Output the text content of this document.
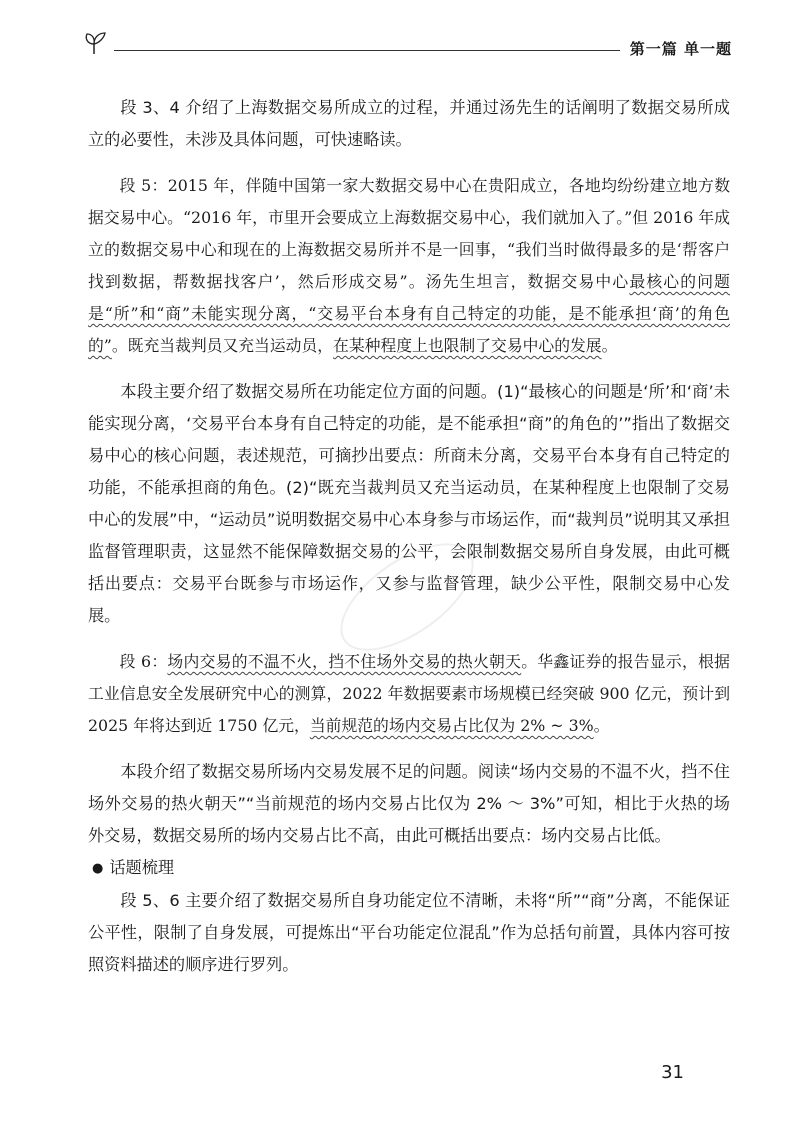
第一篇 单一题

段 3、4 介绍了上海数据交易所成立的过程，并通过汤先生的话阐明了数据交易所成立的必要性，未涉及具体问题，可快速略读。

段 5：2015 年，伴随中国第一家大数据交易中心在贵阳成立，各地均纷纷建立地方数据交易中心。“2016 年，市里开会要成立上海数据交易中心，我们就加入了。”但 2016 年成立的数据交易中心和现在的上海数据交易所并不是一回事，“我们当时做得最多的是‘帮客户找到数据，帮数据找客户’，然后形成交易”。汤先生坦言，数据交易中心最核心的问题是“所”和“商”未能实现分离，“交易平台本身有自己特定的功能，是不能承担‘商’的角色的”。既充当裁判员又充当运动员，在某种程度上也限制了交易中心的发展。

本段主要介绍了数据交易所在功能定位方面的问题。(1)“最核心的问题是‘所’和‘商’未能实现分离，‘交易平台本身有自己特定的功能，是不能承担“商”的角色的’”指出了数据交易中心的核心问题，表述规范，可摘抄出要点：所商未分离，交易平台本身有自己特定的功能，不能承担商的角色。(2)“既充当裁判员又充当运动员，在某种程度上也限制了交易中心的发展”中，“运动员”说明数据交易中心本身参与市场运作，而“裁判员”说明其又承担监督管理职责，这显然不能保障数据交易的公平，会限制数据交易所自身发展，由此可概括出要点：交易平台既参与市场运作，又参与监督管理，缺少公平性，限制交易中心发展。

段 6：场内交易的不温不火，挡不住场外交易的热火朝天。华鑫证券的报告显示，根据工业信息安全发展研究中心的测算，2022 年数据要素市场规模已经突破 900 亿元，预计到 2025 年将达到近 1750 亿元，当前规范的场内交易占比仅为 2% ~ 3%。

本段介绍了数据交易所场内交易发展不足的问题。阅读“场内交易的不温不火，挡不住场外交易的热火朝天”“当前规范的场内交易占比仅为 2% ～ 3%”可知，相比于火热的场外交易，数据交易所的场内交易占比不高，由此可概括出要点：场内交易占比低。

● 话题梳理

段 5、6 主要介绍了数据交易所自身功能定位不清晰，未将“所”“商”分离，不能保证公平性，限制了自身发展，可提炼出“平台功能定位混乱”作为总括句前置，具体内容可按照资料描述的顺序进行罗列。

31
